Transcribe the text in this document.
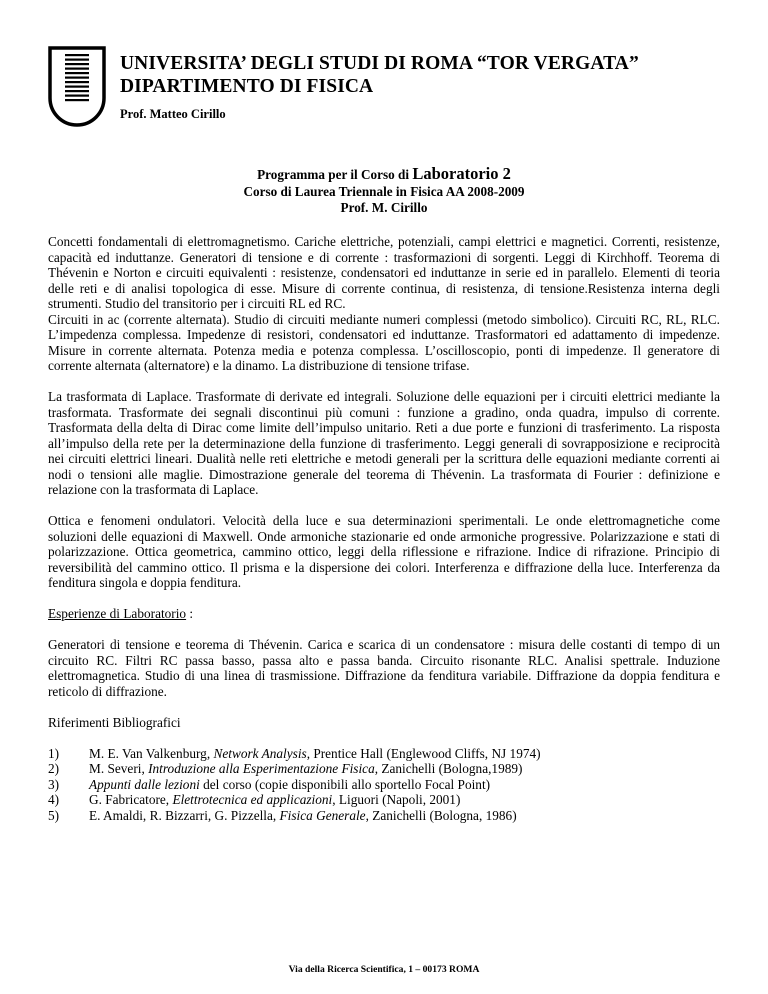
UNIVERSITA’ DEGLI STUDI DI ROMA “TOR VERGATA”
DIPARTIMENTO DI FISICA
Prof. Matteo Cirillo
Programma per il Corso di Laboratorio 2
Corso di Laurea Triennale in Fisica AA 2008-2009
Prof. M. Cirillo

Concetti fondamentali di elettromagnetismo. Cariche elettriche, potenziali, campi elettrici e magnetici. Correnti, resistenze, capacità ed induttanze. Generatori di tensione e di corrente : trasformazioni di sorgenti. Leggi di Kirchhoff. Teorema di Thévenin e Norton e circuiti equivalenti : resistenze, condensatori ed induttanze in serie ed in parallelo. Elementi di teoria delle reti e di analisi topologica di esse. Misure di corrente continua, di resistenza, di tensione.Resistenza interna degli strumenti. Studio del transitorio per i circuiti RL ed RC.

Circuiti in ac (corrente alternata). Studio di circuiti mediante numeri complessi (metodo simbolico). Circuiti RC, RL, RLC. L’impedenza complessa. Impedenze di resistori, condensatori ed induttanze. Trasformatori ed adattamento di impedenze. Misure in corrente alternata. Potenza media e potenza complessa. L’oscilloscopio, ponti di impedenze. Il generatore di corrente alternata (alternatore) e la dinamo. La distribuzione di tensione trifase.

La trasformata di Laplace. Trasformate di derivate ed integrali. Soluzione delle equazioni per i circuiti elettrici mediante la trasformata. Trasformate dei segnali discontinui più comuni : funzione a gradino, onda quadra, impulso di corrente. Trasformata della delta di Dirac come limite dell’impulso unitario. Reti a due porte e funzioni di trasferimento. La risposta all’impulso della rete per la determinazione della funzione di trasferimento. Leggi generali di sovrapposizione e reciprocità nei circuiti elettrici lineari. Dualità nelle reti elettriche e metodi generali per la scrittura delle equazioni mediante correnti ai nodi o tensioni alle maglie. Dimostrazione generale del teorema di Thévenin. La trasformata di Fourier : definizione e relazione con la trasformata di Laplace.

Ottica e fenomeni ondulatori. Velocità della luce e sua determinazioni sperimentali. Le onde elettromagnetiche come soluzioni delle equazioni di Maxwell. Onde armoniche stazionarie ed onde armoniche progressive. Polarizzazione e stati di polarizzazione. Ottica geometrica, cammino ottico, leggi della riflessione e rifrazione. Indice di rifrazione. Principio di reversibilità del cammino ottico. Il prisma e la dispersione dei colori. Interferenza e diffrazione della luce. Interferenza da fenditura singola e doppia fenditura.

Esperienze di Laboratorio :

Generatori di tensione e teorema di Thévenin. Carica e scarica di un condensatore : misura delle costanti di tempo di un circuito RC. Filtri RC passa basso, passa alto e passa banda. Circuito risonante RLC. Analisi spettrale. Induzione elettromagnetica. Studio di una linea di trasmissione. Diffrazione da fenditura variabile. Diffrazione da doppia fenditura e reticolo di diffrazione.

Riferimenti Bibliografici

1) M. E. Van Valkenburg, Network Analysis, Prentice Hall (Englewood Cliffs, NJ 1974)
2) M. Severi, Introduzione alla Esperimentazione Fisica, Zanichelli (Bologna,1989)
3) Appunti dalle lezioni del corso (copie disponibili allo sportello Focal Point)
4) G. Fabricatore, Elettrotecnica ed applicazioni, Liguori (Napoli, 2001)
5) E. Amaldi, R. Bizzarri, G. Pizzella, Fisica Generale, Zanichelli (Bologna, 1986)
Via della Ricerca Scientifica, 1 – 00173 ROMA
